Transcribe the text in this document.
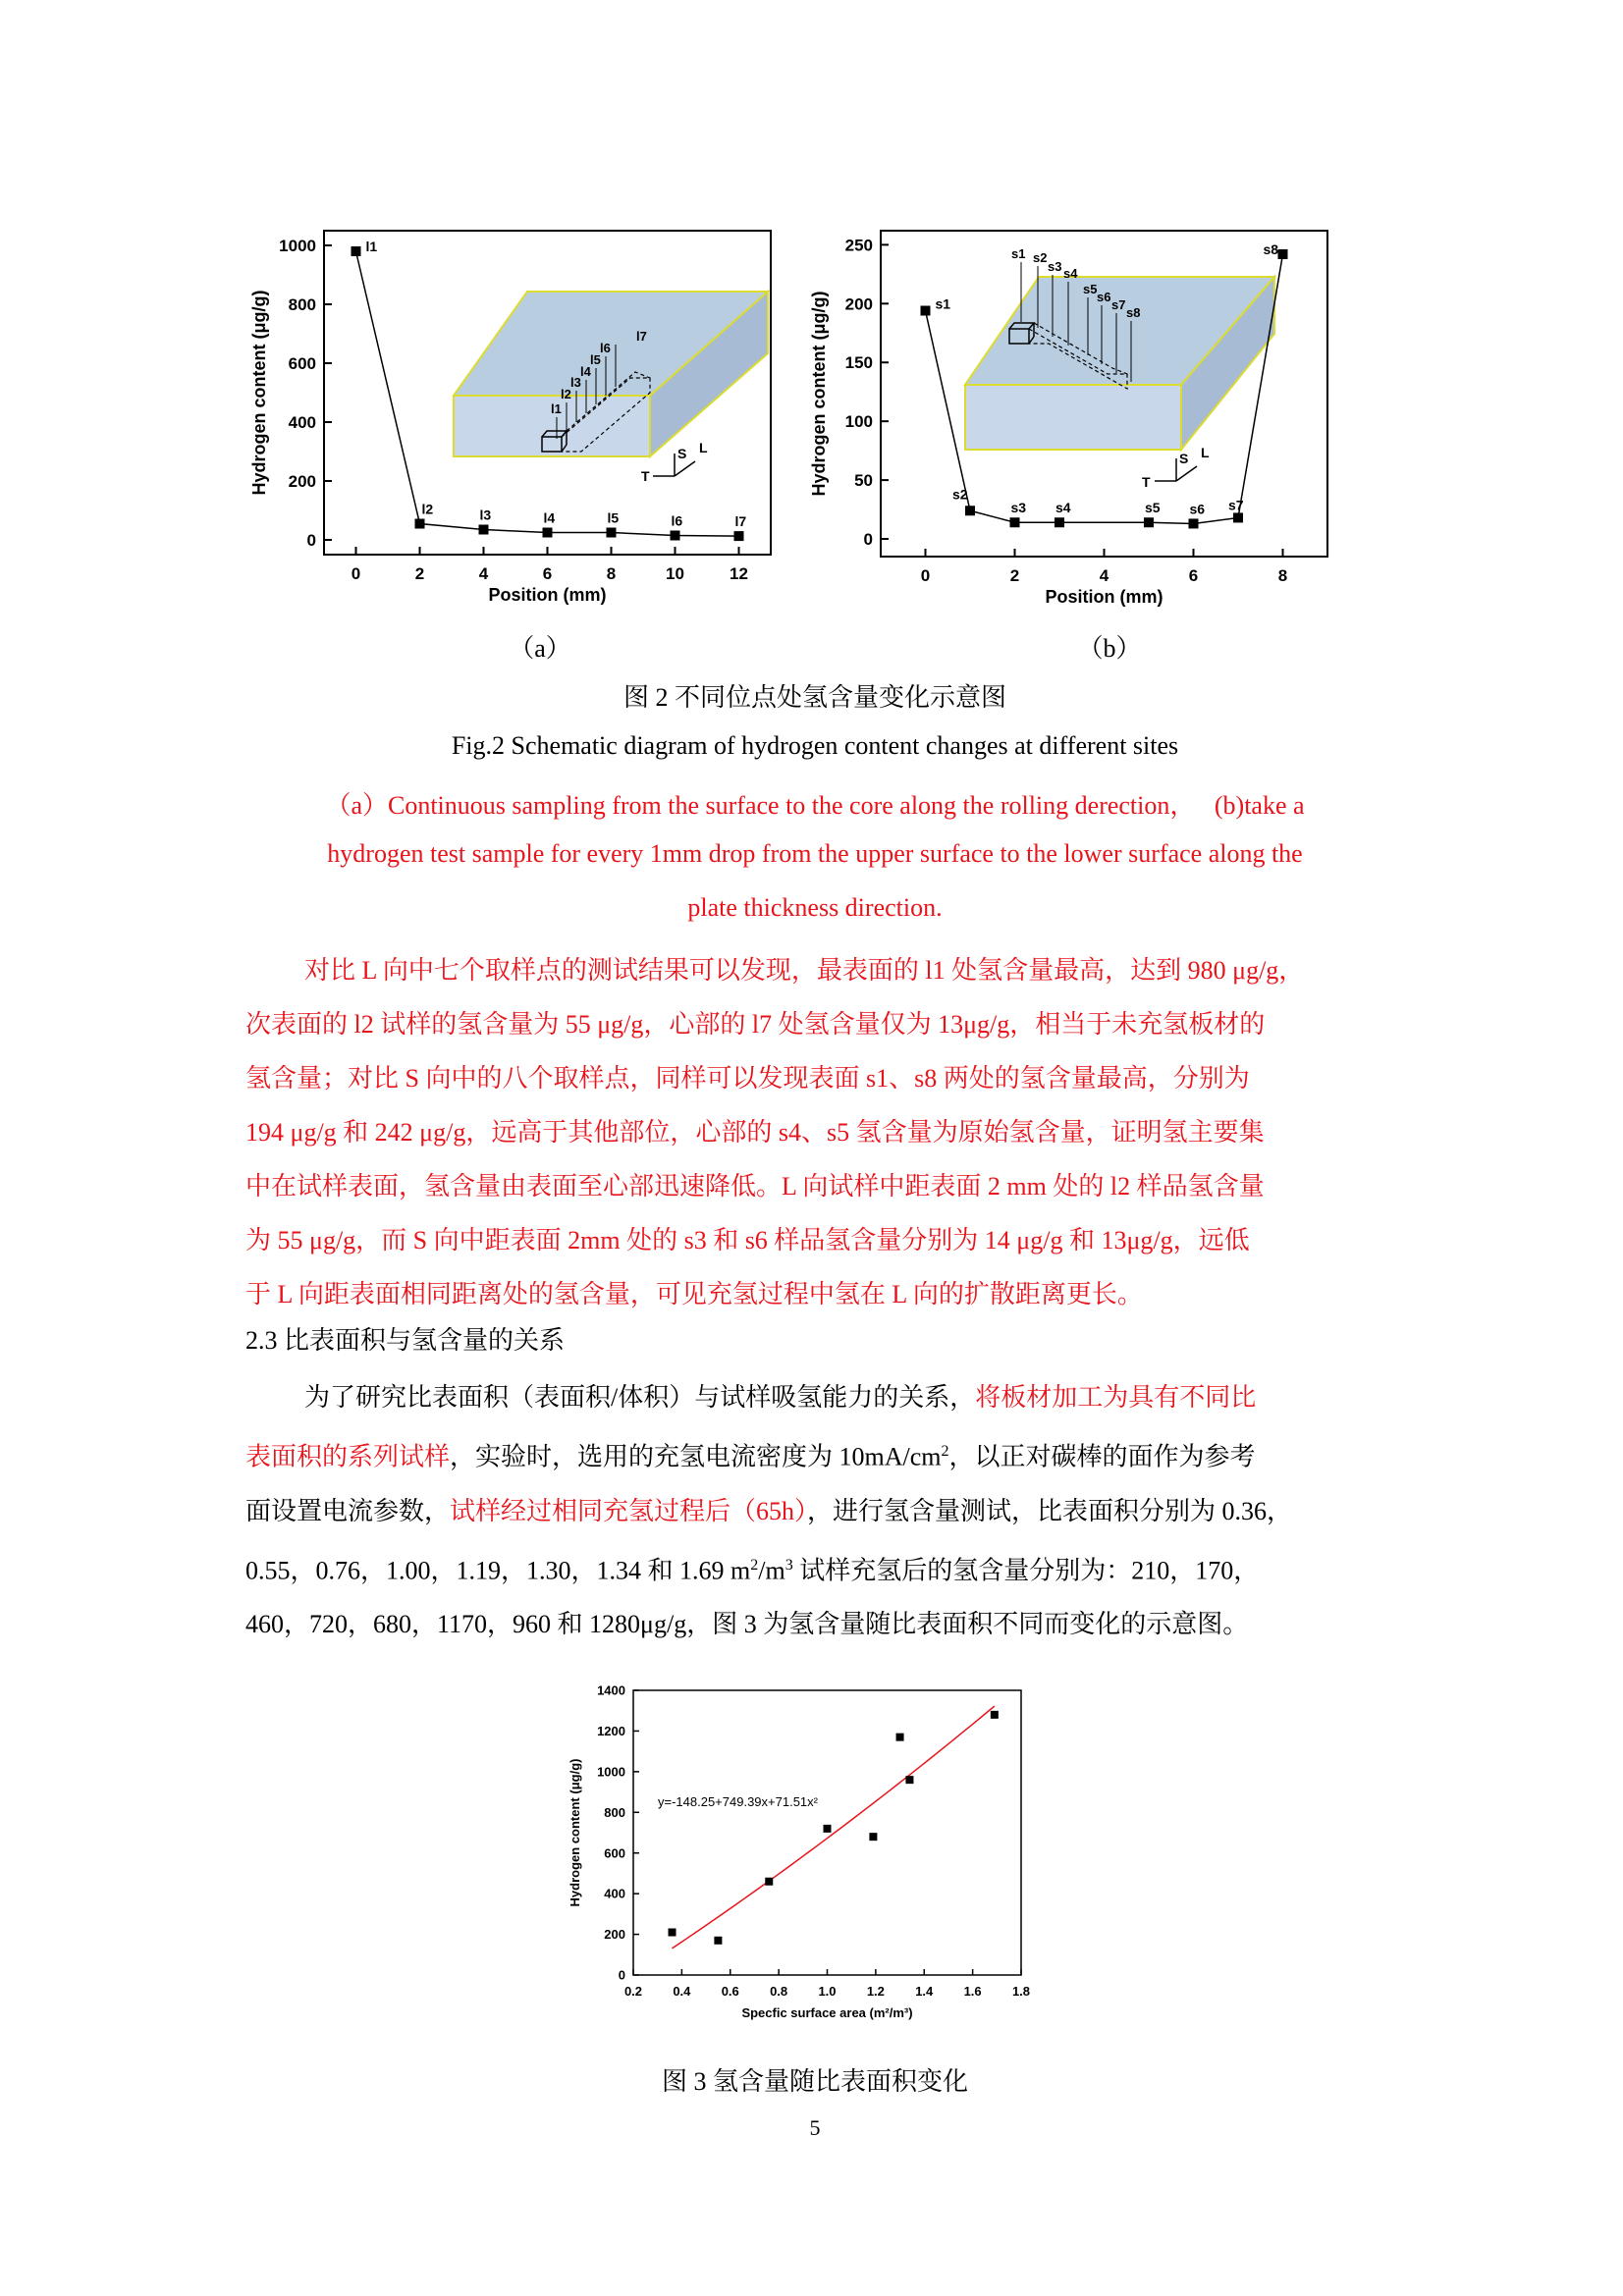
0	2	4	6	8	10	12
0
200
400
600
800
1000
Position (mm)
Hydrogen content (μg/g)	l1
l2
l3
l4
l5
l6
l7
S L
T
l1
l2	l3	l4	l5	l6	l7
0	2	4	6	8
0
50
100
150
200
250
Position (mm)
Hydrogen content (μg/g)
s1 s2
s3 s4
s5
s6
s7
s8
S L
T
s1
s2
s3 s4	s5 s6 s7
s8
（a）	（b）
图 2 不同位点处氢含量变化示意图
Fig.2 Schematic diagram of hydrogen content changes at different sites
（a）Continuous sampling from the surface to the core along the rolling derection，   (b)take a
hydrogen test sample for every 1mm drop from the upper surface to the lower surface along the
plate thickness direction.
对比 L 向中七个取样点的测试结果可以发现，最表面的 l1 处氢含量最高，达到 980 μg/g，
次表面的 l2 试样的氢含量为 55 μg/g，心部的 l7 处氢含量仅为 13μg/g，相当于未充氢板材的
氢含量；对比 S 向中的八个取样点，同样可以发现表面 s1、s8 两处的氢含量最高，分别为
194 μg/g 和 242 μg/g，远高于其他部位，心部的 s4、s5 氢含量为原始氢含量，证明氢主要集
中在试样表面，氢含量由表面至心部迅速降低。L 向试样中距表面 2 mm 处的 l2 样品氢含量
为 55 μg/g，而 S 向中距表面 2mm 处的 s3 和 s6 样品氢含量分别为 14 μg/g 和 13μg/g，远低
于 L 向距表面相同距离处的氢含量，可见充氢过程中氢在 L 向的扩散距离更长。
2.3 比表面积与氢含量的关系
为了研究比表面积（表面积/体积）与试样吸氢能力的关系，将板材加工为具有不同比
表面积的系列试样，实验时，选用的充氢电流密度为 $10mA/cm^2$，以正对碳棒的面作为参考
面设置电流参数，试样经过相同充氢过程后（65h），进行氢含量测试，比表面积分别为 0.36，
0.55，0.76，1.00，1.19，1.30，1.34 和 1.69 $m^2/m^3$ 试样充氢后的氢含量分别为：210，170，
460，720，680，1170，960 和 1280μg/g，图 3 为氢含量随比表面积不同而变化的示意图。
0.2 0.4 0.6 0.8 1.0 1.2 1.4 1.6 1.8
0
200
400
600
800
1000
1200
1400
Specfic surface area (m²/m³)
Hydrogen content (μg/g)	y=-148.25+749.39x+71.51x²
图 3 氢含量随比表面积变化
5
